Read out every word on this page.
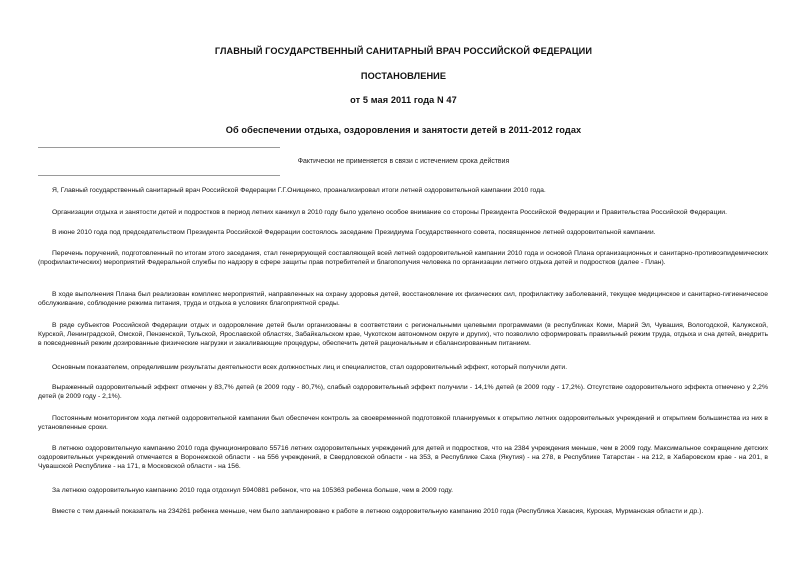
ГЛАВНЫЙ ГОСУДАРСТВЕННЫЙ САНИТАРНЫЙ ВРАЧ РОССИЙСКОЙ ФЕДЕРАЦИИ
ПОСТАНОВЛЕНИЕ
от 5 мая 2011 года N 47
Об обеспечении отдыха, оздоровления и занятости детей в 2011-2012 годах
Фактически не применяется в связи с истечением срока действия

Я, Главный государственный санитарный врач Российской Федерации Г.Г.Онищенко, проанализировал итоги летней оздоровительной кампании 2010 года.

Организации отдыха и занятости детей и подростков в период летних каникул в 2010 году было уделено особое внимание со стороны Президента Российской Федерации и Правительства Российской Федерации.

В июне 2010 года под председательством Президента Российской Федерации состоялось заседание Президиума Государственного совета, посвященное летней оздоровительной кампании.

Перечень поручений, подготовленный по итогам этого заседания, стал генерирующей составляющей всей летней оздоровительной кампании 2010 года и основой Плана организационных и санитарно-противоэпидемических (профилактических) мероприятий Федеральной службы по надзору в сфере защиты прав потребителей и благополучия человека по организации летнего отдыха детей и подростков (далее - План).

В ходе выполнения Плана был реализован комплекс мероприятий, направленных на охрану здоровья детей, восстановление их физических сил, профилактику заболеваний, текущее медицинское и санитарно-гигиеническое обслуживание, соблюдение режима питания, труда и отдыха в условиях благоприятной среды.

В ряде субъектов Российской Федерации отдых и оздоровление детей были организованы в соответствии с региональными целевыми программами (в республиках Коми, Марий Эл, Чувашия, Вологодской, Калужской, Курской, Ленинградской, Омской, Пензенской, Тульской, Ярославской областях, Забайкальском крае, Чукотском автономном округе и других), что позволило сформировать правильный режим труда, отдыха и сна детей, внедрить в повседневный режим дозированные физические нагрузки и закаливающие процедуры, обеспечить детей рациональным и сбалансированным питанием.

Основным показателем, определившим результаты деятельности всех должностных лиц и специалистов, стал оздоровительный эффект, который получили дети.

Выраженный оздоровительный эффект отмечен у 83,7% детей (в 2009 году - 80,7%), слабый оздоровительный эффект получили - 14,1% детей (в 2009 году - 17,2%). Отсутствие оздоровительного эффекта отмечено у 2,2% детей (в 2009 году - 2,1%).

Постоянным мониторингом хода летней оздоровительной кампании был обеспечен контроль за своевременной подготовкой планируемых к открытию летних оздоровительных учреждений и открытием большинства из них в установленные сроки.

В летнюю оздоровительную кампанию 2010 года функционировало 55716 летних оздоровительных учреждений для детей и подростков, что на 2384 учреждения меньше, чем в 2009 году. Максимальное сокращение детских оздоровительных учреждений отмечается в Воронежской области - на 556 учреждений, в Свердловской области - на 353, в Республике Саха (Якутия) - на 278, в Республике Татарстан - на 212, в Хабаровском крае - на 201, в Чувашской Республике - на 171, в Московской области - на 156.

За летнюю оздоровительную кампанию 2010 года отдохнул 5940881 ребенок, что на 105363 ребенка больше, чем в 2009 году.

Вместе с тем данный показатель на 234261 ребенка меньше, чем было запланировано к работе в летнюю оздоровительную кампанию 2010 года (Республика Хакасия, Курская, Мурманская области и др.).
